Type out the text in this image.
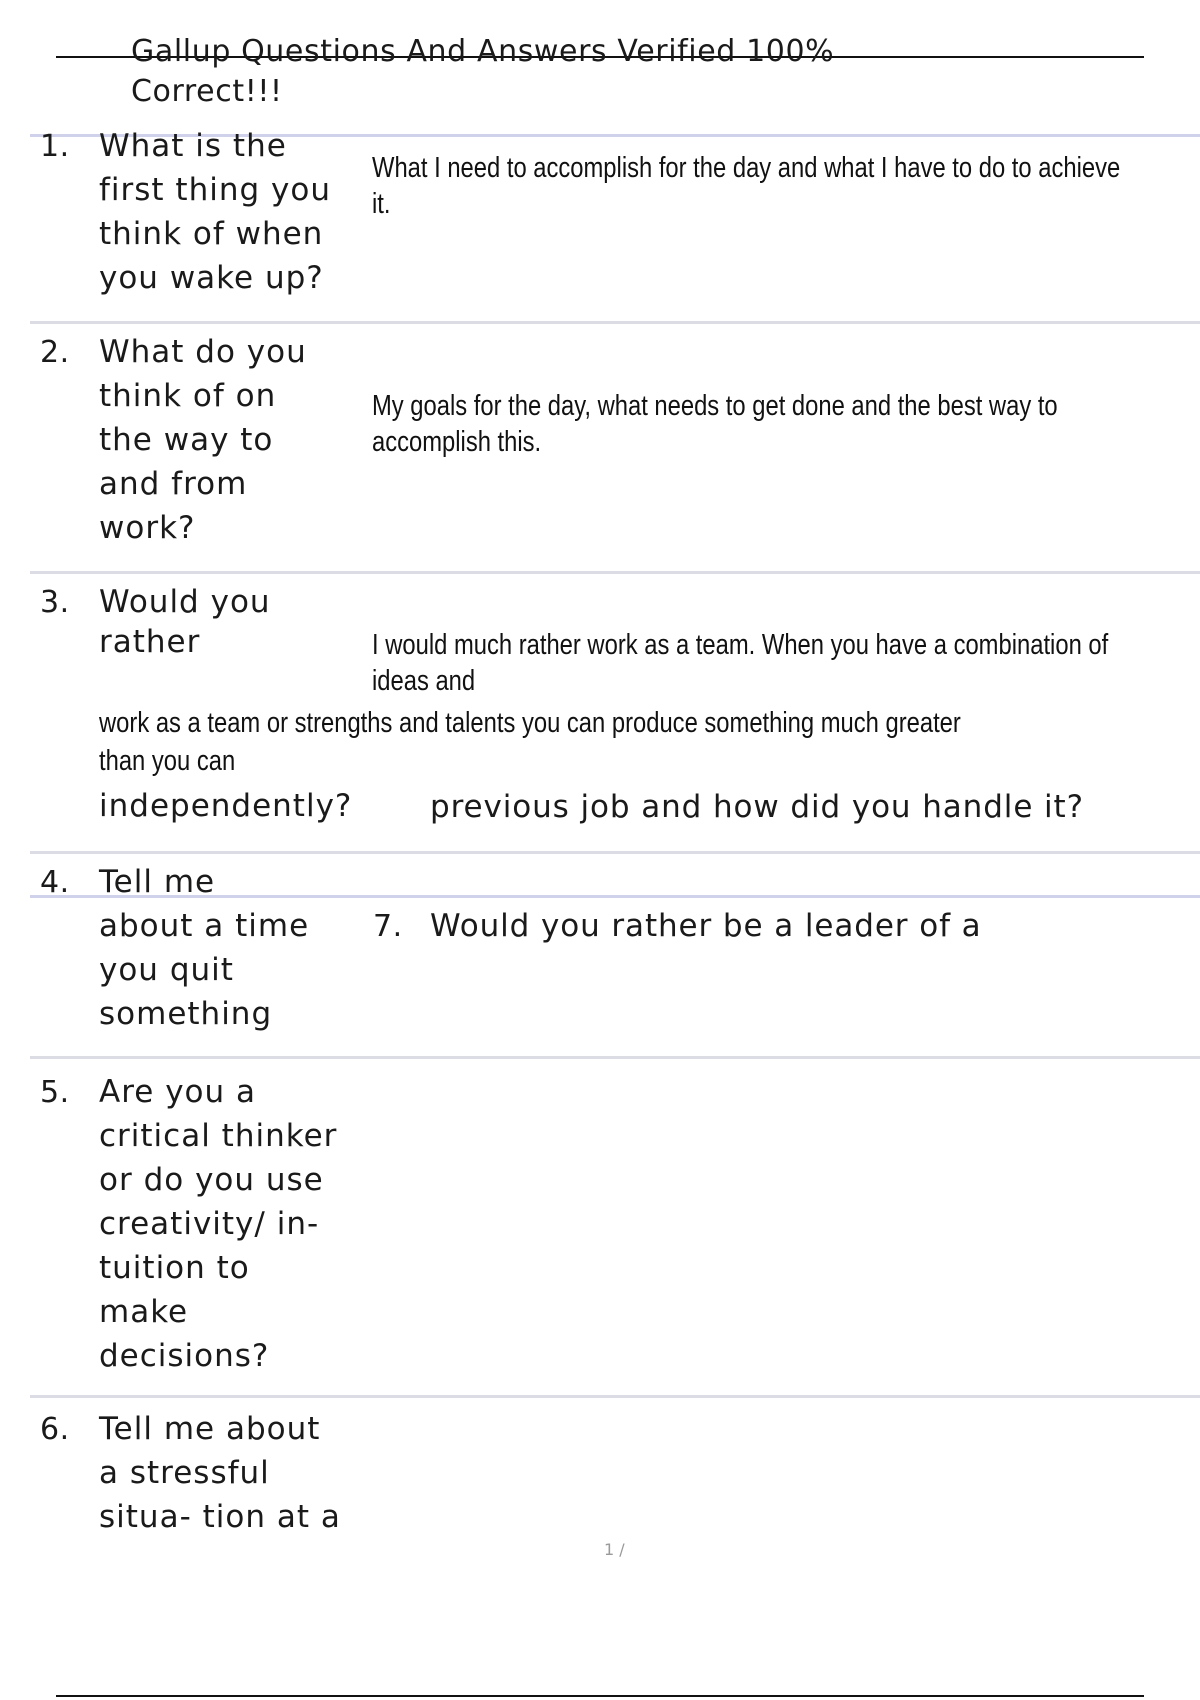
Gallup Questions And Answers Verified 100%
Correct!!!
1. What is the
first thing you
think of when
you wake up?
What I need to accomplish for the day and what I have to do to achieve
it.
2. What do you
think of on
the way to
and from
work?
My goals for the day, what needs to get done and the best way to
accomplish this.
3. Would you
rather	I would much rather work as a team. When you have a combination of
ideas and
work as a team or strengths and talents you can produce something much greater
than you can
independently?	previous job and how did you handle it?
4. Tell me
about a time
you quit
something
7. Would you rather be a leader of a
5. Are you a
critical thinker
or do you use
creativity/ in-
tuition to
make
decisions?
6. Tell me about
a stressful
situa- tion at a
1 /
